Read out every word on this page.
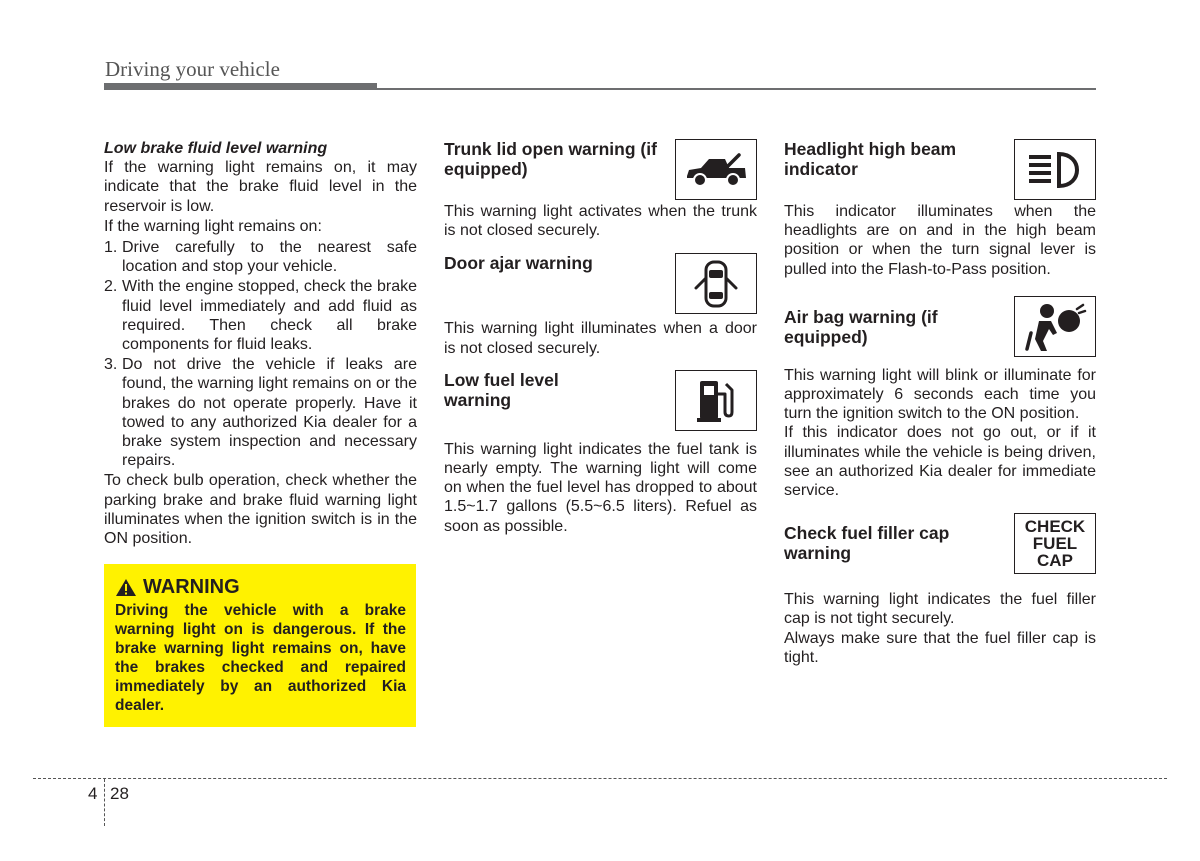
Driving your vehicle

Low brake fluid level warning

If the warning light remains on, it may indicate that the brake fluid level in the reservoir is low.

If the warning light remains on:

1. Drive carefully to the nearest safe location and stop your vehicle.
2. With the engine stopped, check the brake fluid level immediately and add fluid as required. Then check all brake components for fluid leaks.
3. Do not drive the vehicle if leaks are found, the warning light remains on or the brakes do not operate properly. Have it towed to any authorized Kia dealer for a brake system inspection and necessary repairs.

To check bulb operation, check whether the parking brake and brake fluid warning light illuminates when the ignition switch is in the ON position.

WARNING

Driving the vehicle with a brake warning light on is dangerous. If the brake warning light remains on, have the brakes checked and repaired immediately by an authorized Kia dealer.

Trunk lid open warning (if equipped)

This warning light activates when the trunk is not closed securely.

Door ajar warning

This warning light illuminates when a door is not closed securely.

Low fuel level warning

This warning light indicates the fuel tank is nearly empty. The warning light will come on when the fuel level has dropped to about 1.5~1.7 gallons (5.5~6.5 liters). Refuel as soon as possible.

Headlight high beam indicator

This indicator illuminates when the headlights are on and in the high beam position or when the turn signal lever is pulled into the Flash-to-Pass position.

Air bag warning (if equipped)

This warning light will blink or illuminate for approximately 6 seconds each time you turn the ignition switch to the ON position.

If this indicator does not go out, or if it illuminates while the vehicle is being driven, see an authorized Kia dealer for immediate service.

Check fuel filler cap warning
CHECK
FUEL
CAP

This warning light indicates the fuel filler cap is not tight securely.

Always make sure that the fuel filler cap is tight.

4 28
